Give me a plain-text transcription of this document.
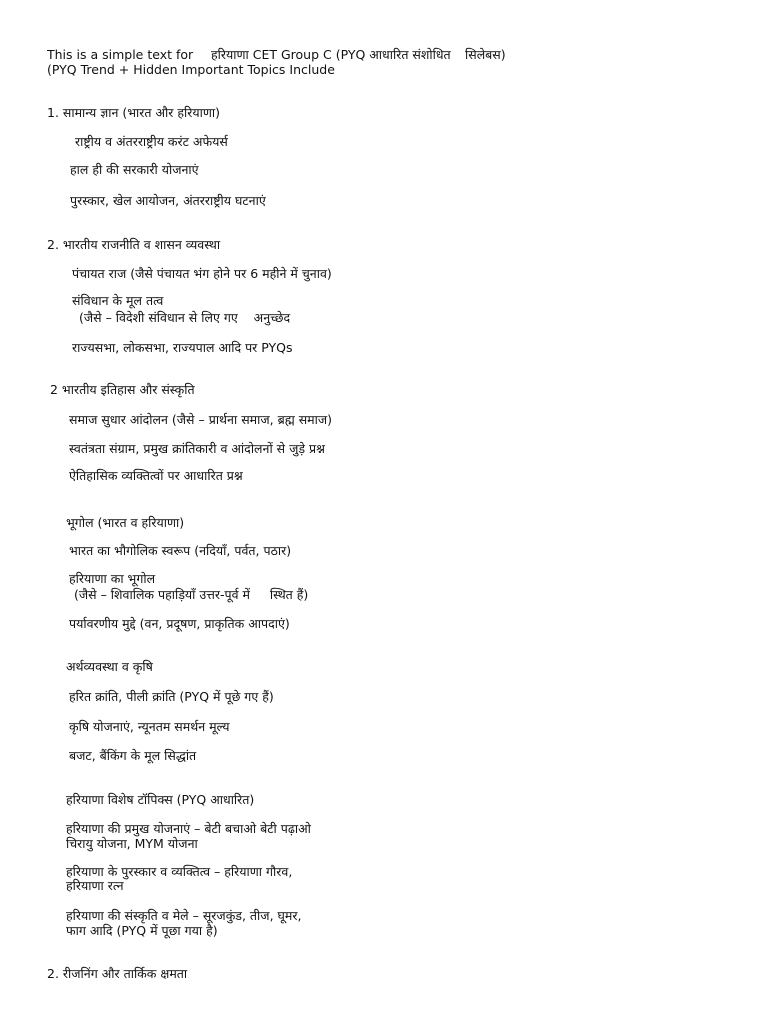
This is a simple text for हरियाणा CET Group C (PYQ आधारित संशोधित सिलेबस)
(PYQ Trend + Hidden Important Topics Include
1. सामान्य ज्ञान (भारत और हरियाणा)
राष्ट्रीय व अंतरराष्ट्रीय करंट अफेयर्स
हाल ही की सरकारी योजनाएं
पुरस्कार, खेल आयोजन, अंतरराष्ट्रीय घटनाएं
2. भारतीय राजनीति व शासन व्यवस्था
पंचायत राज (जैसे पंचायत भंग होने पर 6 महीने में चुनाव)
संविधान के मूल तत्व
(जैसे – विदेशी संविधान से लिए गए    अनुच्छेद
राज्यसभा, लोकसभा, राज्यपाल आदि पर PYQs
2 भारतीय इतिहास और संस्कृति
समाज सुधार आंदोलन (जैसे – प्रार्थना समाज, ब्रह्म समाज)
स्वतंत्रता संग्राम, प्रमुख क्रांतिकारी व आंदोलनों से जुड़े प्रश्न
ऐतिहासिक व्यक्तित्वों पर आधारित प्रश्न
भूगोल (भारत व हरियाणा)
भारत का भौगोलिक स्वरूप (नदियाँ, पर्वत, पठार)
हरियाणा का भूगोल
(जैसे – शिवालिक पहाड़ियाँ उत्तर-पूर्व में     स्थित हैं)
पर्यावरणीय मुद्दे (वन, प्रदूषण, प्राकृतिक आपदाएं)
अर्थव्यवस्था व कृषि
हरित क्रांति, पीली क्रांति (PYQ में पूछे गए हैं)
कृषि योजनाएं, न्यूनतम समर्थन मूल्य
बजट, बैंकिंग के मूल सिद्धांत
हरियाणा विशेष टॉपिक्स (PYQ आधारित)
हरियाणा की प्रमुख योजनाएं – बेटी बचाओ बेटी पढ़ाओ
चिरायु योजना, MYM योजना
हरियाणा के पुरस्कार व व्यक्तित्व – हरियाणा गौरव,
हरियाणा रत्न
हरियाणा की संस्कृति व मेले – सूरजकुंड, तीज, घूमर,
फाग आदि (PYQ में पूछा गया है)
2. रीजनिंग और तार्किक क्षमता
